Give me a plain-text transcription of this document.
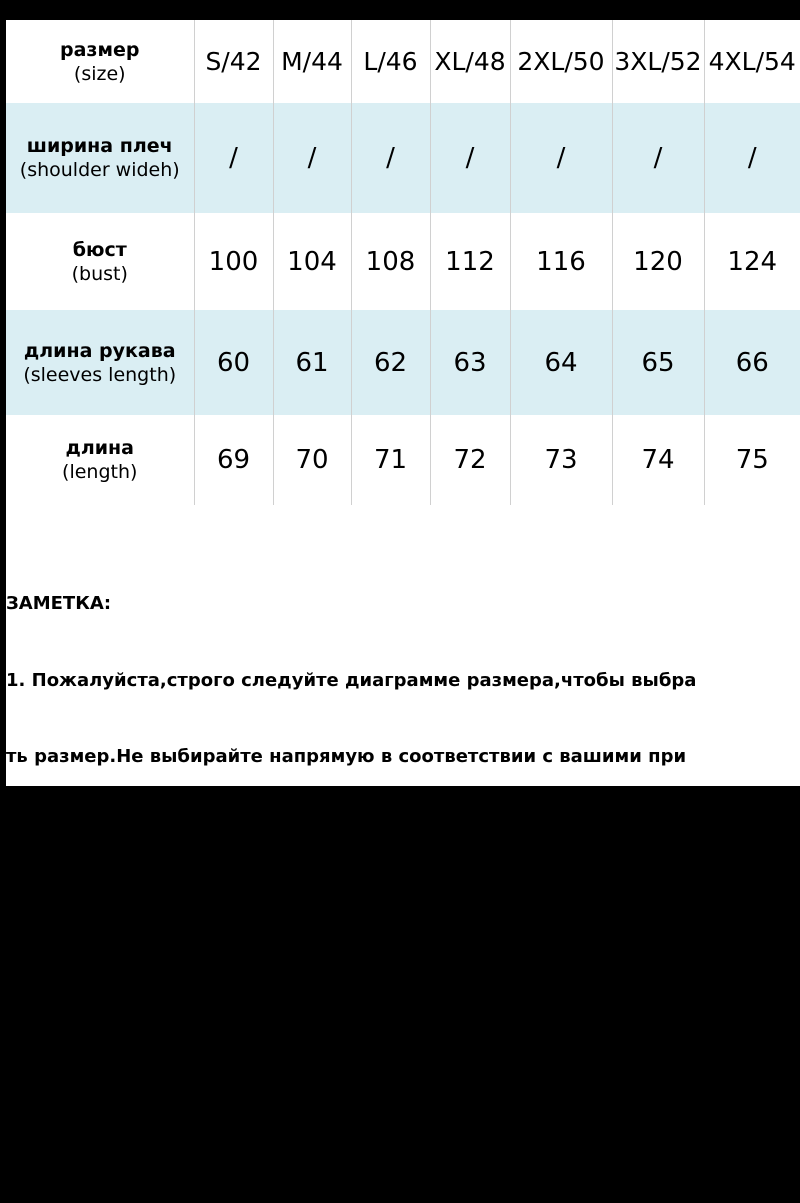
размер
(size)	S/42	M/44	L/46	XL/48	2XL/50	3XL/52	4XL/54

ширина плеч
(shoulder wideh)	/	/	/	/	/	/	/

бюст
(bust)	100	104	108	112	116	120	124

длина рукава
(sleeves length)	60	61	62	63	64	65	66

длина
(length)	69	70	71	72	73	74	75

ЗАМЕТКА:

1. Пожалуйста,строго следуйте диаграмме размера,чтобы выбра

ть размер.Не выбирайте напрямую в соответствии с вашими при

вычками.

2. Размер может быть 2-3 см отличается из-за ручного измерени

я. Обратите внимание, когда вы измеряете.

3. Пожалуйста,поймите,что разница в цветах компьютеров разл

ична.
